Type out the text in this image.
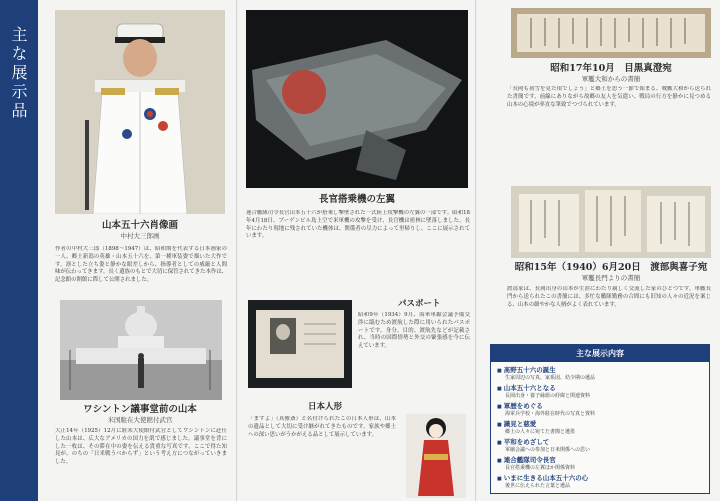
主な展示品
山本五十六肖像画
中村大三郎画
作者の中村大三郎（1898～1947）は、昭和期を代表する日本画家の一人。郷土新潟の英雄・山本五十六を、第一種軍装姿で描いた大作です。凛とした立ち姿と静かな眼差しから、指導者としての威厳と人間味が伝わってきます。長く遺族のもとで大切に保管されてきた本作は、記念館の開館に際して公開されました。
ワシントン議事堂前の山本
米国駐在大使館付武官
大正14年（1925）12月に駐米大使館付武官としてワシントンに赴任した山本は、広大なアメリカの国力を肌で感じました。議事堂を背にした一枚は、その滞在中の姿を伝える貴重な写真です。ここで得た知見が、のちの「日米戦うべからず」という考え方につながっていきました。
長官搭乗機の左翼
連合艦隊司令長官山本五十六が搭乗し撃墜された一式陸上攻撃機の左翼の一部です。昭和18年4月18日、ブーゲンビル島上空で米軍機の攻撃を受け、長官機は密林に墜落しました。長年にわたり現地に残されていた機体は、関係者の尽力によって里帰りし、ここに展示されています。
パスポート
昭和9年（1934）9月、海軍軍縮会議予備交渉に臨むため渡航した際に用いられたパスポートです。身分、目的、渡航先などが記載され、当時の国際情勢と外交の緊張感を今に伝えています。
日本人形
「ますよ」（真雅斎）と名付けられたこの日本人形は、山本の遺品として大切に受け継がれてきたものです。家族や郷土への深い思いがうかがえる品として展示しています。
昭和17年10月　目黒真澄宛
軍艦大和からの書簡
「長岡も初雪を見た頃でしょう」と郷土を思う一節で始まる、戦艦大和から送られた書簡です。前線にありながら故郷の友人を気遣い、戦局の行方を静かに見つめる山本の心境が率直な筆致でつづられています。
昭和15年（1940）6月20日　渡部與喜子宛
軍艦長門よりの書簡
渡部家は、長岡出身の山本が生涯にわたり親しく交流した家のひとつです。軍艦長門から送られたこの書簡には、多忙な艦隊勤務の合間にも旧知の人々の近況を案じる、山本の細やかな人柄がよく表れています。
主な展示内容
■ 髙野五十六の誕生
生家周辺の写真、家系図、幼少期の遺品
■ 山本五十六となる
長岡出身・養子縁組の経緯と関連資料
■ 軍歴をめぐる
海軍兵学校・海外駐在時代の写真と資料
■ 識見と慈愛
郷土の人々に宛てた書簡と遺墨
■ 平和をめざして
軍縮会議への参加と日米関係への思い
■ 連合艦隊司令長官
長官搭乗機の左翼ほか関係資料
■ いまに生きる山本五十六の心
後世に伝えられた言葉と遺品
